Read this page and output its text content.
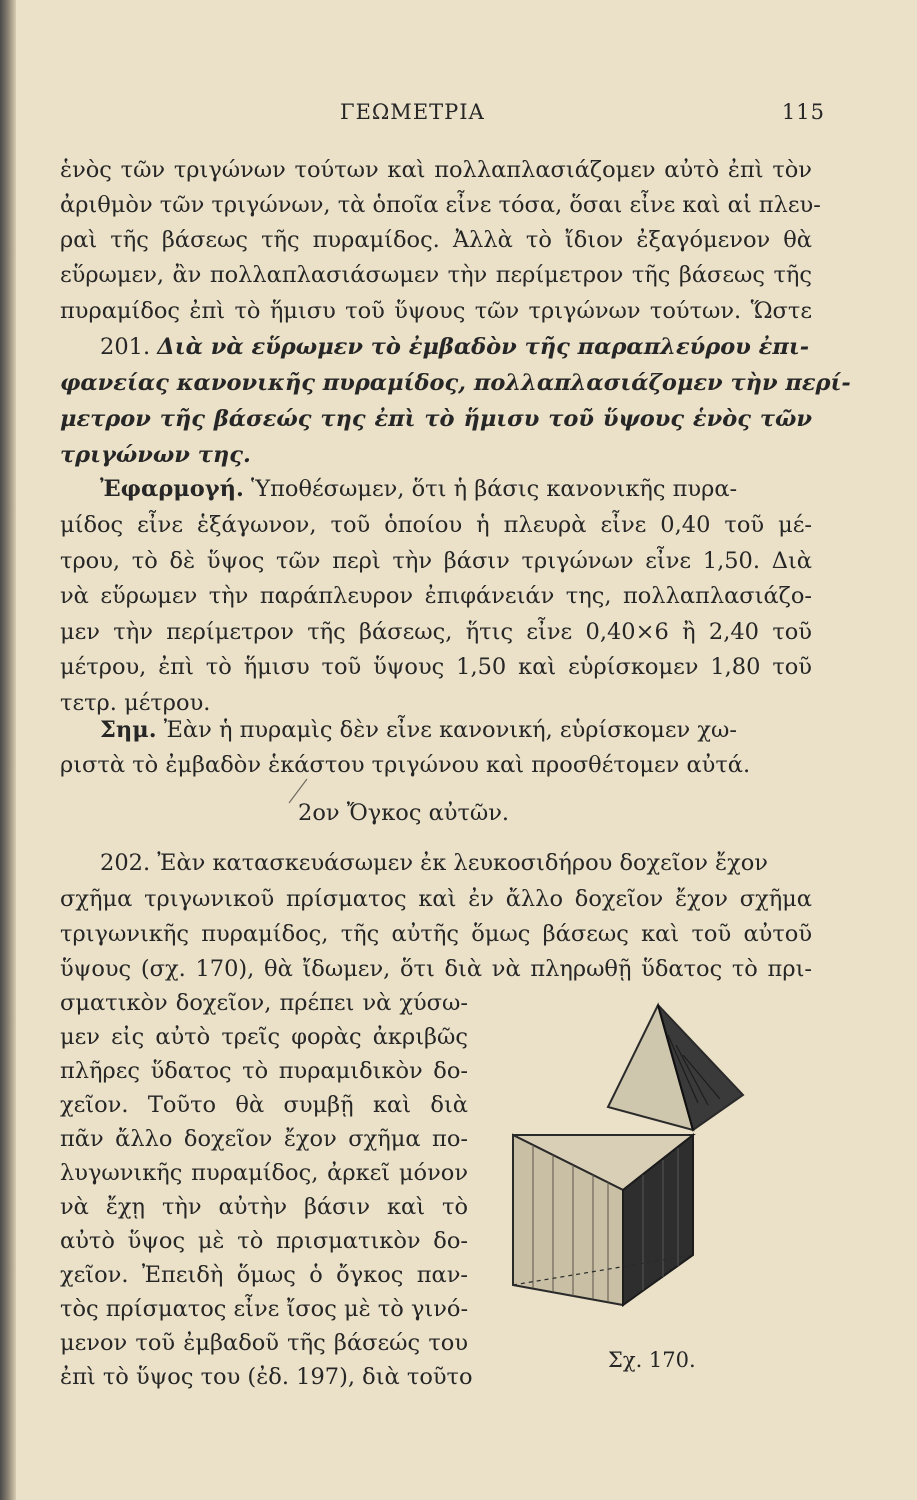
ΓΕΩΜΕΤΡΙΑ	115
ἑνὸς τῶν τριγώνων τούτων καὶ πολλαπλασιάζομεν αὐτὸ ἐπὶ τὸν
ἀριθμὸν τῶν τριγώνων, τὰ ὁποῖα εἶνε τόσα, ὅσαι εἶνε καὶ αἱ πλευ-
ραὶ τῆς βάσεως τῆς πυραμίδος. Ἀλλὰ τὸ ἴδιον ἐξαγόμενον θὰ
εὕρωμεν, ἂν πολλαπλασιάσωμεν τὴν περίμετρον τῆς βάσεως τῆς
πυραμίδος ἐπὶ τὸ ἥμισυ τοῦ ὕψους τῶν τριγώνων τούτων. Ὥστε
201. Διὰ νὰ εὕρωμεν τὸ ἐμβαδὸν τῆς παραπλεύρου ἐπι-
φανείας κανονικῆς πυραμίδος, πολλαπλασιάζομεν τὴν περί-
μετρον τῆς βάσεώς της ἐπὶ τὸ ἥμισυ τοῦ ὕψους ἑνὸς τῶν
τριγώνων της.
Ἐφαρμογή. Ὑποθέσωμεν, ὅτι ἡ βάσις κανονικῆς πυρα-
μίδος εἶνε ἑξάγωνον, τοῦ ὁποίου ἡ πλευρὰ εἶνε 0,40 τοῦ μέ-
τρου, τὸ δὲ ὕψος τῶν περὶ τὴν βάσιν τριγώνων εἶνε 1,50. Διὰ
νὰ εὕρωμεν τὴν παράπλευρον ἐπιφάνειάν της, πολλαπλασιάζο-
μεν τὴν περίμετρον τῆς βάσεως, ἥτις εἶνε 0,40×6 ἢ 2,40 τοῦ
μέτρου, ἐπὶ τὸ ἥμισυ τοῦ ὕψους 1,50 καὶ εὑρίσκομεν 1,80 τοῦ
τετρ. μέτρου.
Σημ. Ἐὰν ἡ πυραμὶς δὲν εἶνε κανονική, εὑρίσκομεν χω-
ριστὰ τὸ ἐμβαδὸν ἑκάστου τριγώνου καὶ προσθέτομεν αὐτά.
2ον Ὄγκος αὐτῶν.
202. Ἐὰν κατασκευάσωμεν ἐκ λευκοσιδήρου δοχεῖον ἔχον
σχῆμα τριγωνικοῦ πρίσματος καὶ ἐν ἄλλο δοχεῖον ἔχον σχῆμα
τριγωνικῆς πυραμίδος, τῆς αὐτῆς ὅμως βάσεως καὶ τοῦ αὐτοῦ
ὕψους (σχ. 170), θὰ ἴδωμεν, ὅτι διὰ νὰ πληρωθῇ ὕδατος τὸ πρι-
σματικὸν δοχεῖον, πρέπει νὰ χύσω-
μεν εἰς αὐτὸ τρεῖς φορὰς ἀκριβῶς
πλῆρες ὕδατος τὸ πυραμιδικὸν δο-
χεῖον. Τοῦτο θὰ συμβῇ καὶ διὰ
πᾶν ἄλλο δοχεῖον ἔχον σχῆμα πο-
λυγωνικῆς πυραμίδος, ἀρκεῖ μόνον
νὰ ἔχῃ τὴν αὐτὴν βάσιν καὶ τὸ
αὐτὸ ὕψος μὲ τὸ πρισματικὸν δο-
χεῖον. Ἐπειδὴ ὅμως ὁ ὄγκος παν-
τὸς πρίσματος εἶνε ἴσος μὲ τὸ γινό-
μενον τοῦ ἐμβαδοῦ τῆς βάσεώς του
ἐπὶ τὸ ὕψος του (ἐδ. 197), διὰ τοῦτο
Σχ. 170.
